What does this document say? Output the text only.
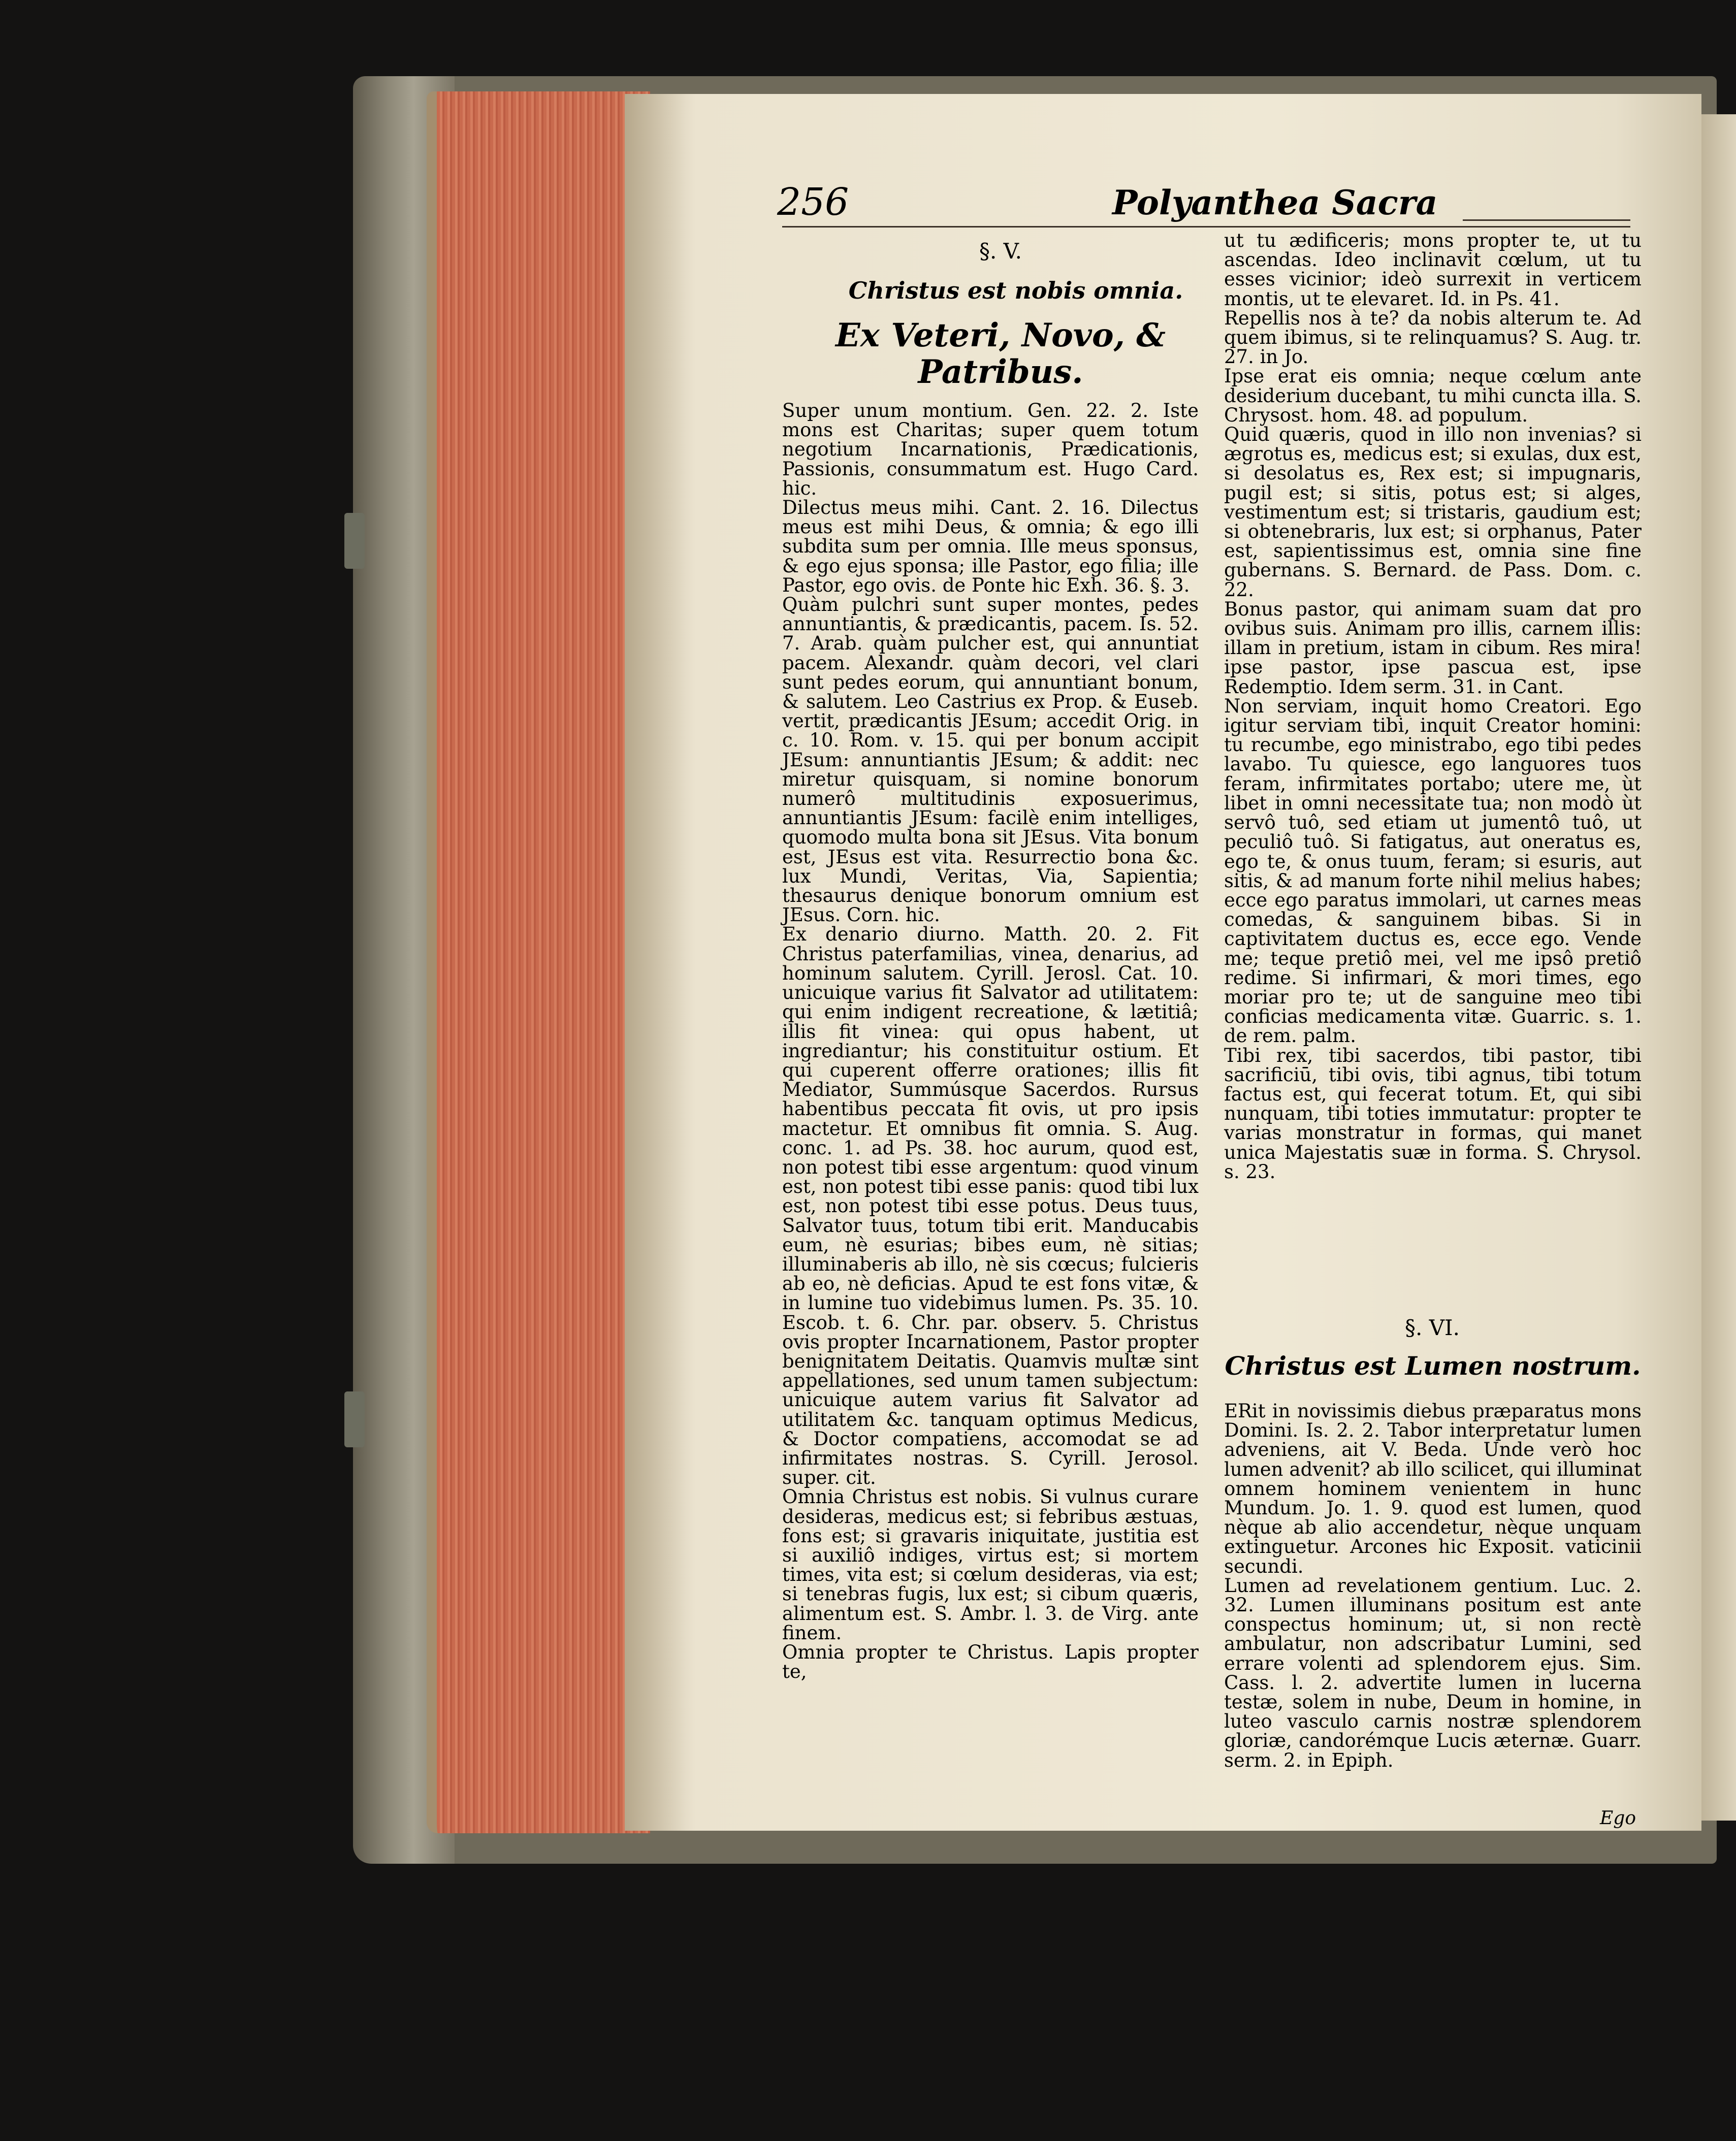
256	Polyanthea Sacra
§. V.
Christus est nobis omnia.
Ex Veteri, Novo, & Patribus.

Super unum montium. Gen. 22. 2. Iste mons est Charitas; super quem totum negotium Incarnationis, Prædicationis, Passionis, consummatum est. Hugo Card. hic.

Dilectus meus mihi. Cant. 2. 16. Dilectus meus est mihi Deus, & omnia; & ego illi subdita sum per omnia. Ille meus sponsus, & ego ejus sponsa; ille Pastor, ego filia; ille Pastor, ego ovis. de Ponte hic Exh. 36. §. 3.

Quàm pulchri sunt super montes, pedes annuntiantis, & prædicantis, pacem. Is. 52. 7. Arab. quàm pulcher est, qui annuntiat pacem. Alexandr. quàm decori, vel clari sunt pedes eorum, qui annuntiant bonum, & salutem. Leo Castrius ex Prop. & Euseb. vertit, prædicantis JEsum; accedit Orig. in c. 10. Rom. v. 15. qui per bonum accipit JEsum: annuntiantis JEsum; & addit: nec miretur quisquam, si nomine bonorum numerô multitudinis exposuerimus, annuntiantis JEsum: facilè enim intelliges, quomodo multa bona sit JEsus. Vita bonum est, JEsus est vita. Resurrectio bona &c. lux Mundi, Veritas, Via, Sapientia; thesaurus denique bonorum omnium est JEsus. Corn. hic.

Ex denario diurno. Matth. 20. 2. Fit Christus paterfamilias, vinea, denarius, ad hominum salutem. Cyrill. Jerosl. Cat. 10. unicuique varius fit Salvator ad utilitatem: qui enim indigent recreatione, & lætitiâ; illis fit vinea: qui opus habent, ut ingrediantur; his constituitur ostium. Et qui cuperent offerre orationes; illis fit Mediator, Summúsque Sacerdos. Rursus habentibus peccata fit ovis, ut pro ipsis mactetur. Et omnibus fit omnia. S. Aug. conc. 1. ad Ps. 38. hoc aurum, quod est, non potest tibi esse argentum: quod vinum est, non potest tibi esse panis: quod tibi lux est, non potest tibi esse potus. Deus tuus, Salvator tuus, totum tibi erit. Manducabis eum, nè esurias; bibes eum, nè sitias; illuminaberis ab illo, nè sis cœcus; fulcieris ab eo, nè deficias. Apud te est fons vitæ, & in lumine tuo videbimus lumen. Ps. 35. 10. Escob. t. 6. Chr. par. observ. 5. Christus ovis propter Incarnationem, Pastor propter benignitatem Deitatis. Quamvis multæ sint appellationes, sed unum tamen subjectum: unicuique autem varius fit Salvator ad utilitatem &c. tanquam optimus Medicus, & Doctor compatiens, accomodat se ad infirmitates nostras. S. Cyrill. Jerosol. super. cit.

Omnia Christus est nobis. Si vulnus curare desideras, medicus est; si febribus æstuas, fons est; si gravaris iniquitate, justitia est si auxiliô indiges, virtus est; si mortem times, vita est; si cœlum desideras, via est; si tenebras fugis, lux est; si cibum quæris, alimentum est. S. Ambr. l. 3. de Virg. ante finem.

Omnia propter te Christus. Lapis propter te,

ut tu ædificeris; mons propter te, ut tu ascendas. Ideo inclinavit cœlum, ut tu esses vicinior; ideò surrexit in verticem montis, ut te elevaret. Id. in Ps. 41.

Repellis nos à te? da nobis alterum te. Ad quem ibimus, si te relinquamus? S. Aug. tr. 27. in Jo.

Ipse erat eis omnia; neque cœlum ante desiderium ducebant, tu mihi cuncta illa. S. Chrysost. hom. 48. ad populum.

Quid quæris, quod in illo non invenias? si ægrotus es, medicus est; si exulas, dux est, si desolatus es, Rex est; si impugnaris, pugil est; si sitis, potus est; si alges, vestimentum est; si tristaris, gaudium est; si obtenebraris, lux est; si orphanus, Pater est, sapientissimus est, omnia sine fine gubernans. S. Bernard. de Pass. Dom. c. 22.

Bonus pastor, qui animam suam dat pro ovibus suis. Animam pro illis, carnem illis: illam in pretium, istam in cibum. Res mira! ipse pastor, ipse pascua est, ipse Redemptio. Idem serm. 31. in Cant.

Non serviam, inquit homo Creatori. Ego igitur serviam tibi, inquit Creator homini: tu recumbe, ego ministrabo, ego tibi pedes lavabo. Tu quiesce, ego languores tuos feram, infirmitates portabo; utere me, ùt libet in omni necessitate tua; non modò ùt servô tuô, sed etiam ut jumentô tuô, ut peculiô tuô. Si fatigatus, aut oneratus es, ego te, & onus tuum, feram; si esuris, aut sitis, & ad manum forte nihil melius habes; ecce ego paratus immolari, ut carnes meas comedas, & sanguinem bibas. Si in captivitatem ductus es, ecce ego. Vende me; teque pretiô mei, vel me ipsô pretiô redime. Si infirmari, & mori times, ego moriar pro te; ut de sanguine meo tibi conficias medicamenta vitæ. Guarric. s. 1. de rem. palm.

Tibi rex, tibi sacerdos, tibi pastor, tibi sacrificiū, tibi ovis, tibi agnus, tibi totum factus est, qui fecerat totum. Et, qui sibi nunquam, tibi toties immutatur: propter te varias monstratur in formas, qui manet unica Majestatis suæ in forma. S. Chrysol. s. 23.

§. VI.
Christus est Lumen nostrum.

ERit in novissimis diebus præparatus mons Domini. Is. 2. 2. Tabor interpretatur lumen adveniens, ait V. Beda. Unde verò hoc lumen advenit? ab illo scilicet, qui illuminat omnem hominem venientem in hunc Mundum. Jo. 1. 9. quod est lumen, quod nèque ab alio accendetur, nèque unquam extinguetur. Arcones hic Exposit. vaticinii secundi.

Lumen ad revelationem gentium. Luc. 2. 32. Lumen illuminans positum est ante conspectus hominum; ut, si non rectè ambulatur, non adscribatur Lumini, sed errare volenti ad splendorem ejus. Sim. Cass. l. 2. advertite lumen in lucerna testæ, solem in nube, Deum in homine, in luteo vasculo carnis nostræ splendorem gloriæ, candorémque Lucis æternæ. Guarr. serm. 2. in Epiph.

Ego
